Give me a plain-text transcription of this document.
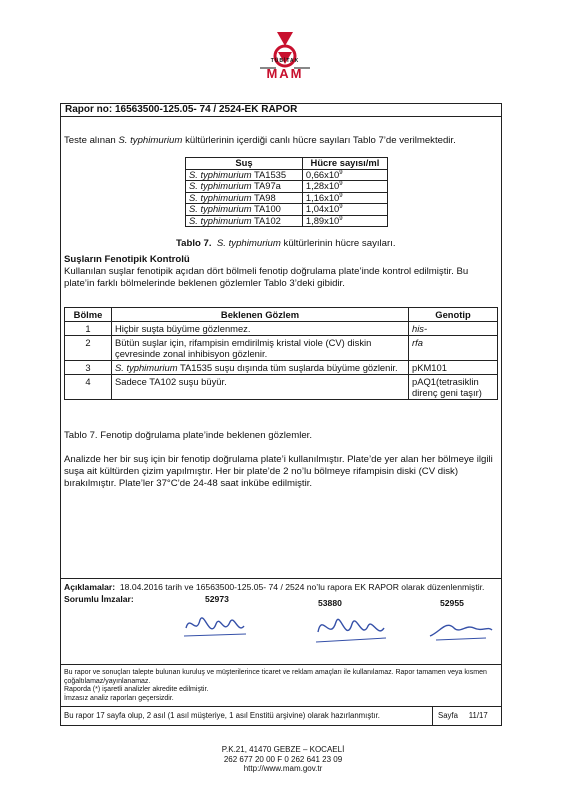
TÜBİTAK
MAM
Rapor no: 16563500-125.05- 74 / 2524-EK RAPOR
Teste alınan S. typhimurium kültürlerinin içerdiği canlı hücre sayıları Tablo 7’de verilmektedir.
Suş	Hücre sayısı/ml
S. typhimurium TA1535	$0,66x10^9$
S. typhimurium TA97a	$1,28x10^9$
S. typhimurium TA98	$1,16x10^9$
S. typhimurium TA100	$1,04x10^9$
S. typhimurium TA102	$1,89x10^9$
Tablo 7. S. typhimurium kültürlerinin hücre sayıları.
Suşların Fenotipik Kontrolü
Kullanılan suşlar fenotipik açıdan dört bölmeli fenotip doğrulama plate’inde kontrol edilmiştir. Bu plate’in farklı bölmelerinde beklenen gözlemler Tablo 3’deki gibidir.
Bölme	Beklenen Gözlem	Genotip
1	Hiçbir suşta büyüme gözlenmez.	his-
2	Bütün suşlar için, rifampisin emdirilmiş kristal viole (CV) diskin çevresinde zonal inhibisyon gözlenir.	rfa
3	S. typhimurium TA1535 suşu dışında tüm suşlarda büyüme gözlenir.	pKM101
4	Sadece TA102 suşu büyür.	pAQ1(tetrasiklin direnç geni taşır)
Tablo 7. Fenotip doğrulama plate’inde beklenen gözlemler.
Analizde her bir suş için bir fenotip doğrulama plate’i kullanılmıştır. Plate’de yer alan her bölmeye ilgili suşa ait kültürden çizim yapılmıştır. Her bir plate’de 2 no’lu bölmeye rifampisin diski (CV disk) bırakılmıştır. Plate’ler 37°C’de 24-48 saat inkübe edilmiştir.
Açıklamalar: 18.04.2016 tarih ve 16563500-125.05- 74 / 2524 no’lu rapora EK RAPOR olarak düzenlenmiştir.
Sorumlu İmzalar:	52973	53880	52955
Bu rapor ve sonuçları talepte bulunan kuruluş ve müşterilerince ticaret ve reklam amaçları ile kullanılamaz. Rapor tamamen veya kısmen çoğaltılamaz/yayınlanamaz.
Raporda (*) işaretli analizler akredite edilmiştir.
İmzasız analiz raporları geçersizdir.
Bu rapor 17 sayfa olup, 2 asıl (1 asıl müşteriye, 1 asıl Enstitü arşivine) olarak hazırlanmıştır.	Sayfa 11/17
P.K.21, 41470 GEBZE – KOCAELİ
262 677 20 00 F 0 262 641 23 09
http://www.mam.gov.tr
